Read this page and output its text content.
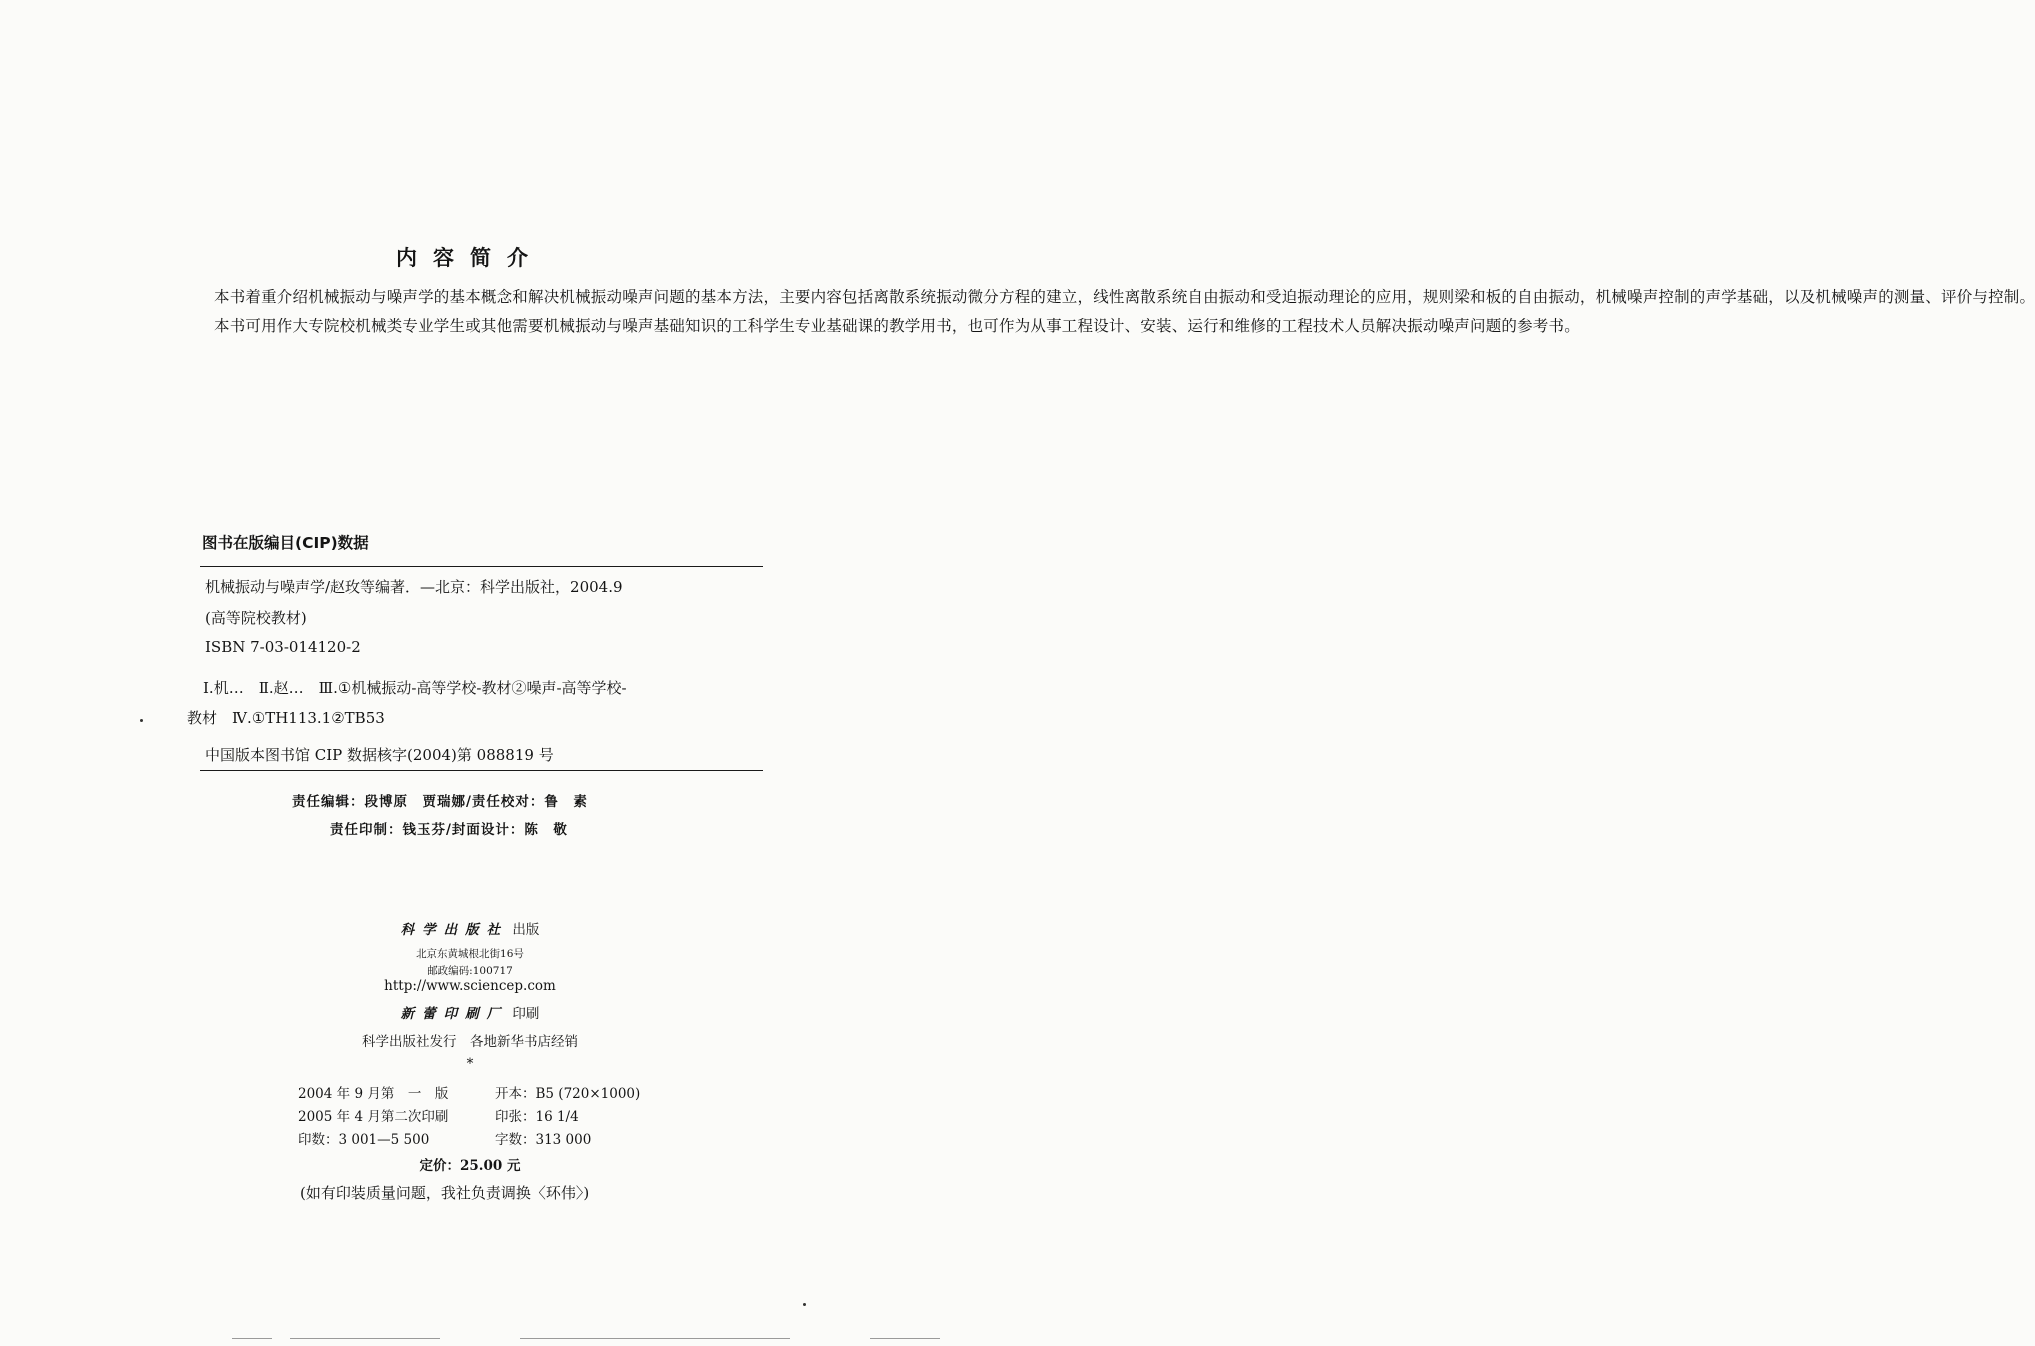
内容简介

本书着重介绍机械振动与噪声学的基本概念和解决机械振动噪声问题的基本方法，主要内容包括离散系统振动微分方程的建立，线性离散系统自由振动和受迫振动理论的应用，规则梁和板的自由振动，机械噪声控制的声学基础，以及机械噪声的测量、评价与控制。

本书可用作大专院校机械类专业学生或其他需要机械振动与噪声基础知识的工科学生专业基础课的教学用书，也可作为从事工程设计、安装、运行和维修的工程技术人员解决振动噪声问题的参考书。

图书在版编目(CIP)数据
机械振动与噪声学/赵玫等编著．—北京：科学出版社，2004.9
(高等院校教材)
ISBN 7-03-014120-2
Ⅰ.机…　Ⅱ.赵…　Ⅲ.①机械振动-高等学校-教材②噪声-高等学校-
教材　Ⅳ.①TH113.1②TB53
中国版本图书馆 CIP 数据核字(2004)第 088819 号
责任编辑：段博原　贾瑞娜/责任校对：鲁　素
责任印制：钱玉芬/封面设计：陈　敬
科学出版社 出版
北京东黄城根北街16号
邮政编码:100717
http://www.sciencep.com
新蕾印刷厂 印刷
科学出版社发行　各地新华书店经销
*
2004 年 9 月第　一　版
2005 年 4 月第二次印刷
印数：3 001—5 500
开本：B5 (720×1000)
印张：16 1/4
字数：313 000
定价：25.00 元
(如有印装质量问题，我社负责调换〈环伟〉)
